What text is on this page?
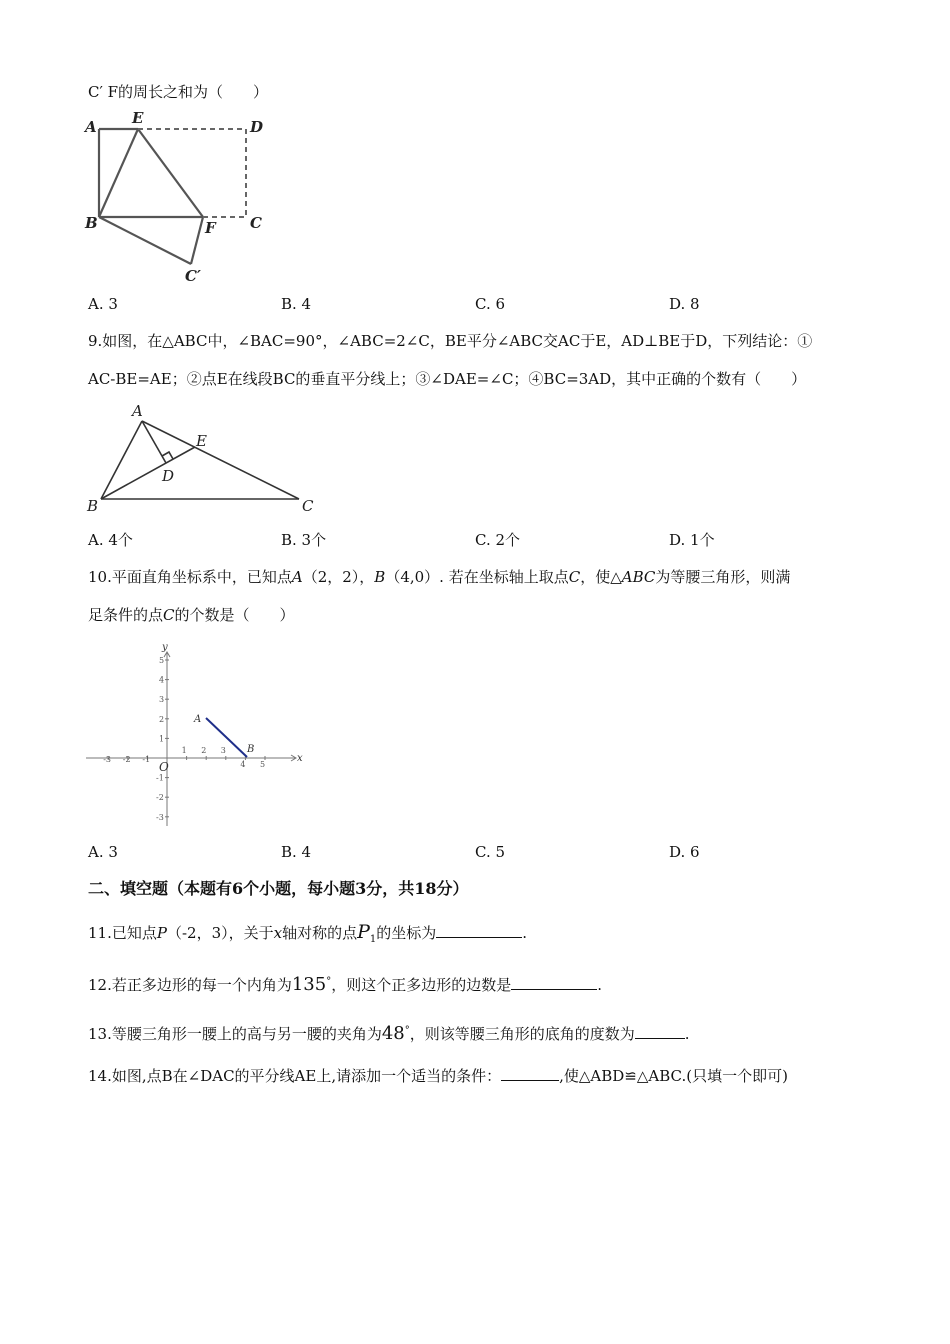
C′ F的周长之和为（　　）
A E	D
B	F C
C′
A. 3	B. 4	C. 6	D. 8
9.如图，在△ABC中，∠BAC=90°，∠ABC=2∠C，BE平分∠ABC交AC于E，AD⊥BE于D，下列结论：①
AC-BE=AE；②点E在线段BC的垂直平分线上；③∠DAE=∠C；④BC=3AD，其中正确的个数有（　　）
A
E
D
B	C
A. 4个	B. 3个	C. 2个	D. 1个
10.平面直角坐标系中，已知点A（2，2），B（4,0）. 若在坐标轴上取点C，使△ABC为等腰三角形，则满
足条件的点C的个数是（　　）
-3 -2 -1
1 2 3
4 5
5
4
3
2
1
-1
-2
-3
x
y
O
A
B
A. 3	B. 4	C. 5	D. 6
二、填空题（本题有6个小题，每小题3分，共18分）
11.已知点P（-2，3），关于x轴对称的点$P_1$的坐标为	.
12.若正多边形的每一个内角为135°，则这个正多边形的边数是	.
13.等腰三角形一腰上的高与另一腰的夹角为48°，则该等腰三角形的底角的度数为	.
14.如图,点B在∠DAC的平分线AE上,请添加一个适当的条件：	,使△ABD≌△ABC.(只填一个即可)
